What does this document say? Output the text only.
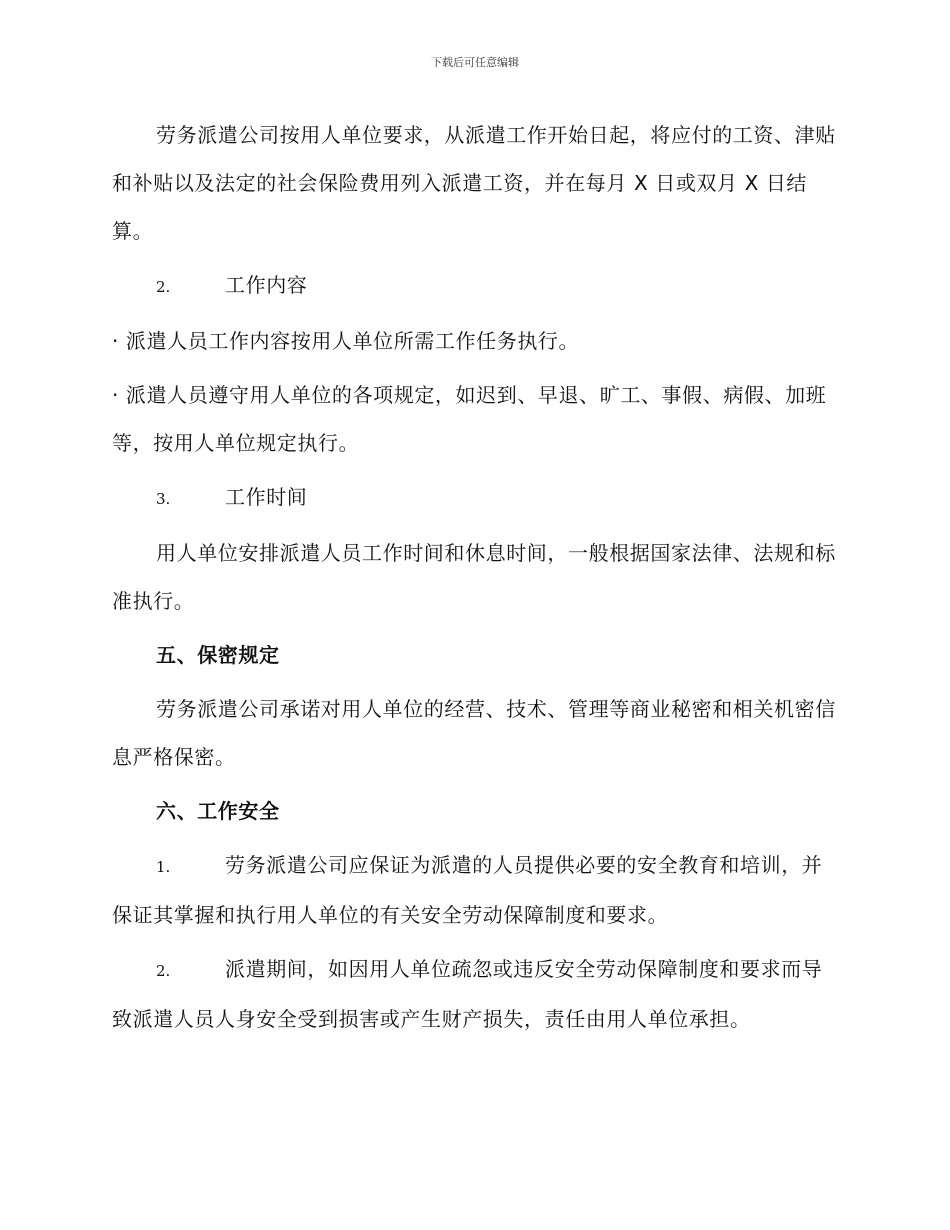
下载后可任意编辑

劳务派遣公司按用人单位要求，从派遣工作开始日起，将应付的工资、津贴和补贴以及法定的社会保险费用列入派遣工资，并在每月 X 日或双月 X 日结算。

2.	工作内容

· 派遣人员工作内容按用人单位所需工作任务执行。

· 派遣人员遵守用人单位的各项规定，如迟到、早退、旷工、事假、病假、加班等，按用人单位规定执行。

3.	工作时间

用人单位安排派遣人员工作时间和休息时间，一般根据国家法律、法规和标准执行。

五、保密规定

劳务派遣公司承诺对用人单位的经营、技术、管理等商业秘密和相关机密信息严格保密。

六、工作安全

1.	劳务派遣公司应保证为派遣的人员提供必要的安全教育和培训，并保证其掌握和执行用人单位的有关安全劳动保障制度和要求。

2.	派遣期间，如因用人单位疏忽或违反安全劳动保障制度和要求而导致派遣人员人身安全受到损害或产生财产损失，责任由用人单位承担。
